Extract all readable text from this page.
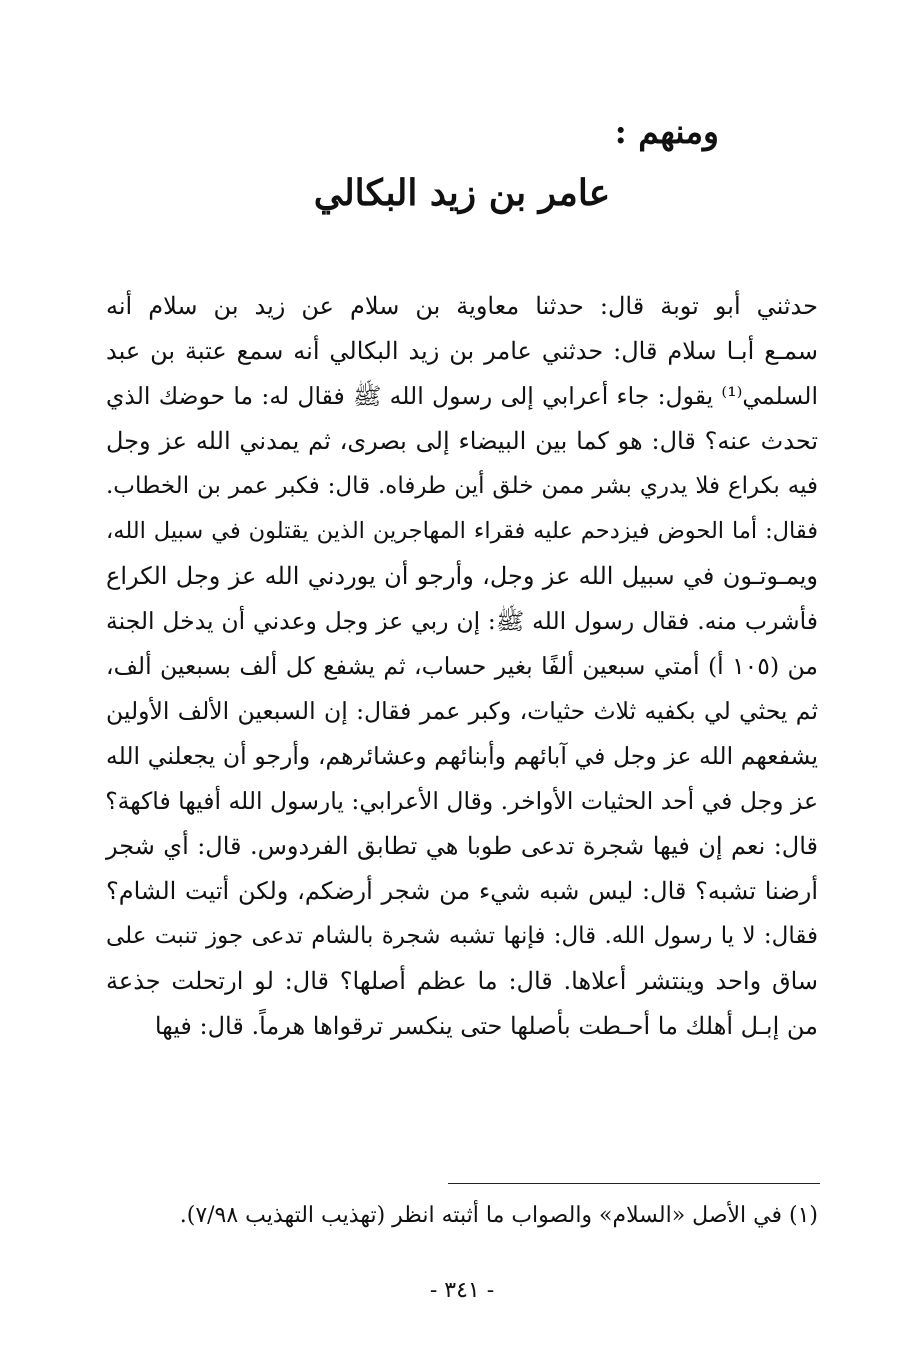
ومنهم :
عامر بن زيد البكالي
حدثني أبو توبة قال: حدثنا معاوية بن سلام عن زيد بن سلام أنه
سمـع أبـا سلام قال: حدثني عامر بن زيد البكالي أنه سمع عتبة بن عبد
السلمي⁽¹⁾ يقول: جاء أعرابي إلى رسول الله ﷺ فقال له: ما حوضك الذي
تحدث عنه؟ قال: هو كما بين البيضاء إلى بصرى، ثم يمدني الله عز وجل
فيه بكراع فلا يدري بشر ممن خلق أين طرفاه. قال: فكبر عمر بن الخطاب.
فقال: أما الحوض فيزدحم عليه فقراء المهاجرين الذين يقتلون في سبيل الله،
ويمـوتـون في سبيل الله عز وجل، وأرجو أن يوردني الله عز وجل الكراع
فأشرب منه. فقال رسول الله ﷺ: إن ربي عز وجل وعدني أن يدخل الجنة
من (١٠٥ أ) أمتي سبعين ألفًا بغير حساب، ثم يشفع كل ألف بسبعين ألف،
ثم يحثي لي بكفيه ثلاث حثيات، وكبر عمر فقال: إن السبعين الألف الأولين
يشفعهم الله عز وجل في آبائهم وأبنائهم وعشائرهم، وأرجو أن يجعلني الله
عز وجل في أحد الحثيات الأواخر. وقال الأعرابي: يارسول الله أفيها فاكهة؟
قال: نعم إن فيها شجرة تدعى طوبا هي تطابق الفردوس. قال: أي شجر
أرضنا تشبه؟ قال: ليس شبه شيء من شجر أرضكم، ولكن أتيت الشام؟
فقال: لا يا رسول الله. قال: فإنها تشبه شجرة بالشام تدعى جوز تنبت على
ساق واحد وينتشر أعلاها. قال: ما عظم أصلها؟ قال: لو ارتحلت جذعة
من إبـل أهلك ما أحـطت بأصلها حتى ينكسر ترقواها هرماً. قال: فيها
(١) في الأصل «السلام» والصواب ما أثبته انظر (تهذيب التهذيب ٧/٩٨).
- ٣٤١ -
